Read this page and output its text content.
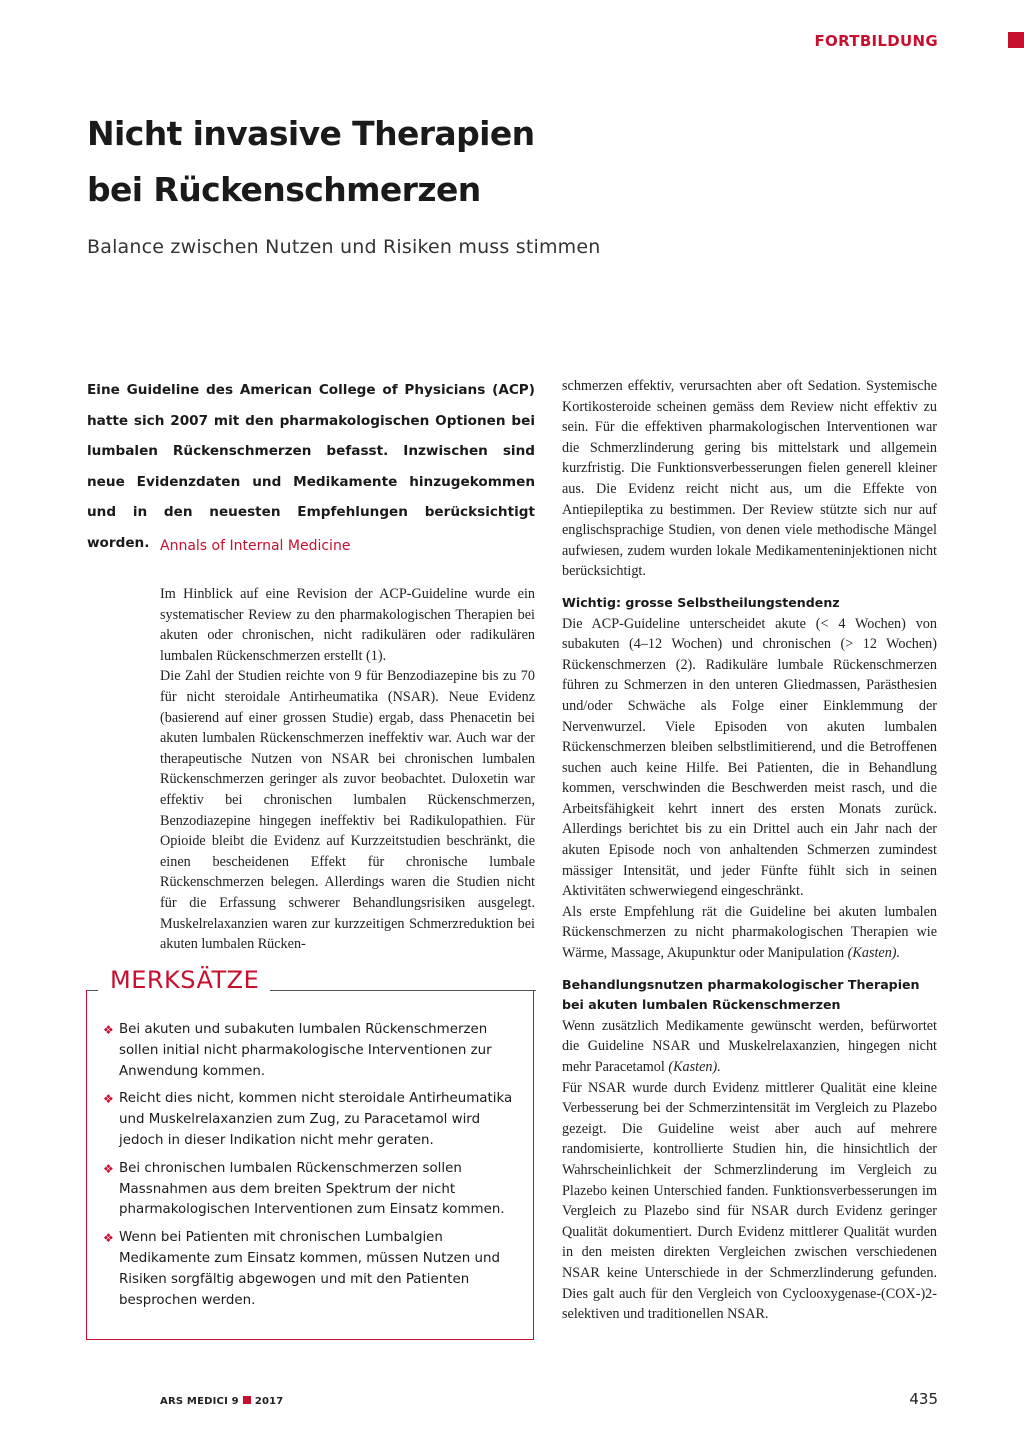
FORTBILDUNG
Nicht invasive Therapien
bei Rückenschmerzen

Balance zwischen Nutzen und Risiken muss stimmen

Eine Guideline des American College of Physicians (ACP) hatte sich 2007 mit den pharmakologischen Optionen bei lumbalen Rückenschmerzen befasst. Inzwischen sind neue Evidenzdaten und Medikamente hinzugekommen und in den neuesten Empfehlungen berücksichtigt worden. Annals of Internal Medicine

Im Hinblick auf eine Revision der ACP-Guideline wurde ein systematischer Review zu den pharmakologischen Therapien bei akuten oder chronischen, nicht radikulären oder radikulären lumbalen Rückenschmerzen erstellt (1).

Die Zahl der Studien reichte von 9 für Benzodiazepine bis zu 70 für nicht steroidale Antirheumatika (NSAR). Neue Evidenz (basierend auf einer grossen Studie) ergab, dass Phenacetin bei akuten lumbalen Rückenschmerzen ineffektiv war. Auch war der therapeutische Nutzen von NSAR bei chronischen lumbalen Rückenschmerzen geringer als zuvor beobachtet. Duloxetin war effektiv bei chronischen lumbalen Rückenschmerzen, Benzodiazepine hingegen ineffektiv bei Radikulopathien. Für Opioide bleibt die Evidenz auf Kurzzeitstudien beschränkt, die einen bescheidenen Effekt für chronische lumbale Rückenschmerzen belegen. Allerdings waren die Studien nicht für die Erfassung schwerer Behandlungsrisiken ausgelegt. Muskelrelaxanzien waren zur kurzzeitigen Schmerzreduktion bei akuten lumbalen Rücken-

schmerzen effektiv, verursachten aber oft Sedation. Systemische Kortikosteroide scheinen gemäss dem Review nicht effektiv zu sein. Für die effektiven pharmakologischen Interventionen war die Schmerzlinderung gering bis mittelstark und allgemein kurzfristig. Die Funktionsverbesserungen fielen generell kleiner aus. Die Evidenz reicht nicht aus, um die Effekte von Antiepileptika zu bestimmen. Der Review stützte sich nur auf englischsprachige Studien, von denen viele methodische Mängel aufwiesen, zudem wurden lokale Medikamenteninjektionen nicht berücksichtigt.

Wichtig: grosse Selbstheilungstendenz

Die ACP-Guideline unterscheidet akute (< 4 Wochen) von subakuten (4–12 Wochen) und chronischen (> 12 Wochen) Rückenschmerzen (2). Radikuläre lumbale Rückenschmerzen führen zu Schmerzen in den unteren Gliedmassen, Parästhesien und/oder Schwäche als Folge einer Einklemmung der Nervenwurzel. Viele Episoden von akuten lumbalen Rückenschmerzen bleiben selbstlimitierend, und die Betroffenen suchen auch keine Hilfe. Bei Patienten, die in Behandlung kommen, verschwinden die Beschwerden meist rasch, und die Arbeitsfähigkeit kehrt innert des ersten Monats zurück. Allerdings berichtet bis zu ein Drittel auch ein Jahr nach der akuten Episode noch von anhaltenden Schmerzen zumindest mässiger Intensität, und jeder Fünfte fühlt sich in seinen Aktivitäten schwerwiegend eingeschränkt.

Als erste Empfehlung rät die Guideline bei akuten lumbalen Rückenschmerzen zu nicht pharmakologischen Therapien wie Wärme, Massage, Akupunktur oder Manipulation (Kasten).

Behandlungsnutzen pharmakologischer Therapien bei akuten lumbalen Rückenschmerzen

Wenn zusätzlich Medikamente gewünscht werden, befürwortet die Guideline NSAR und Muskelrelaxanzien, hingegen nicht mehr Paracetamol (Kasten).

Für NSAR wurde durch Evidenz mittlerer Qualität eine kleine Verbesserung bei der Schmerzintensität im Vergleich zu Plazebo gezeigt. Die Guideline weist aber auch auf mehrere randomisierte, kontrollierte Studien hin, die hinsichtlich der Wahrscheinlichkeit der Schmerzlinderung im Vergleich zu Plazebo keinen Unterschied fanden. Funktionsverbesserungen im Vergleich zu Plazebo sind für NSAR durch Evidenz geringer Qualität dokumentiert. Durch Evidenz mittlerer Qualität wurden in den meisten direkten Vergleichen zwischen verschiedenen NSAR keine Unterschiede in der Schmerzlinderung gefunden. Dies galt auch für den Vergleich von Cyclooxygenase-(COX-)2-selektiven und traditionellen NSAR.

MERKSÄTZE
❖ Bei akuten und subakuten lumbalen Rückenschmerzen sollen initial nicht pharmakologische Interventionen zur Anwendung kommen.
❖ Reicht dies nicht, kommen nicht steroidale Antirheumatika und Muskelrelaxanzien zum Zug, zu Paracetamol wird jedoch in dieser Indikation nicht mehr geraten.
❖ Bei chronischen lumbalen Rückenschmerzen sollen Massnahmen aus dem breiten Spektrum der nicht pharmakologischen Interventionen zum Einsatz kommen.
❖ Wenn bei Patienten mit chronischen Lumbalgien Medikamente zum Einsatz kommen, müssen Nutzen und Risiken sorgfältig abgewogen und mit den Patienten besprochen werden.
ARS MEDICI 9 2017	435
